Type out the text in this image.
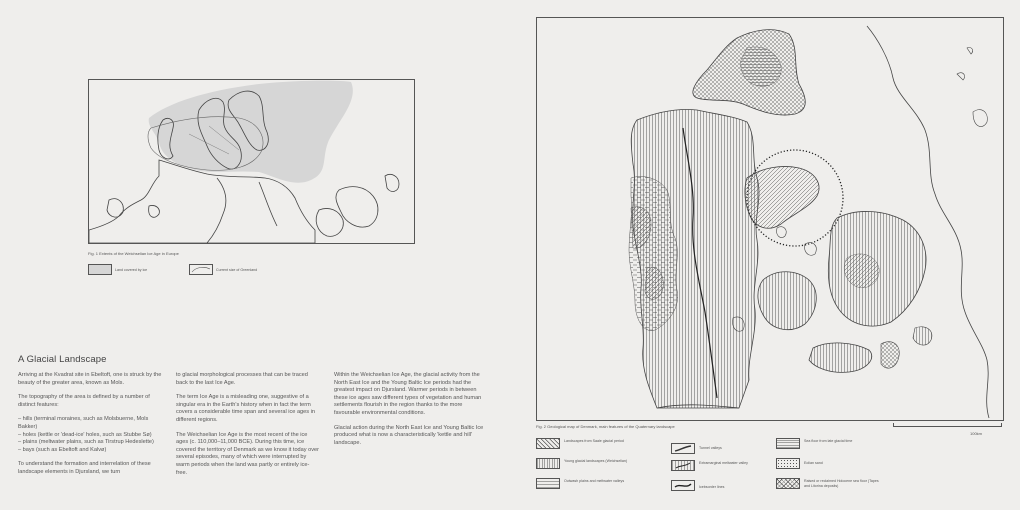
Fig. 1 Extents of the Weichselian Ice Age in Europe
Land covered by ice	Current size of Greenland
A Glacial Landscape

Arriving at the Kvadrat site in Ebeltoft, one is struck by the beauty of the greater area, known as Mols.

The topography of the area is defined by a number of distinct features:

– hills (terminal moraines, such as Molsbuerne, Mols Bakker)
– holes (kettle or 'dead-ice' holes, such as Stubbe Sø)
– plains (meltwater plains, such as Tirstrup Hedeslette)
– bays (such as Ebeltoft and Kalvø)

To understand the formation and interrelation of these landscape elements in Djursland, we turn

to glacial morphological processes that can be traced back to the last Ice Age.

The term Ice Age is a misleading one, suggestive of a singular era in the Earth's history when in fact the term covers a considerable time span and several ice ages in different regions.

The Weichselian Ice Age is the most recent of the ice ages (c. 110,000–11,000 BCE). During this time, ice covered the territory of Denmark as we know it today over several episodes, many of which were interrupted by warm periods when the land was partly or entirely ice-free.

Within the Weichselian Ice Age, the glacial activity from the North East Ice and the Young Baltic Ice periods had the greatest impact on Djursland. Warmer periods in between these ice ages saw different types of vegetation and human settlements flourish in the region thanks to the more favourable environmental conditions.

Glacial action during the North East Ice and Young Baltic Ice produced what is now a characteristically 'kettle and hill' landscape.

Fig. 2 Geological map of Denmark, main features of the Quaternary landscape
100km
Landscapes from Saale glacial period
Young glacial landscapes (Weichselian)
Outwash plains and meltwater valleys
Tunnel valleys
Extramarginal meltwater valley
Icebsorder lines
Sea floor from late glacial time
Eolian sand
Raised or reclaimed Holocene sea floor (Tapes and Litorina deposits)
